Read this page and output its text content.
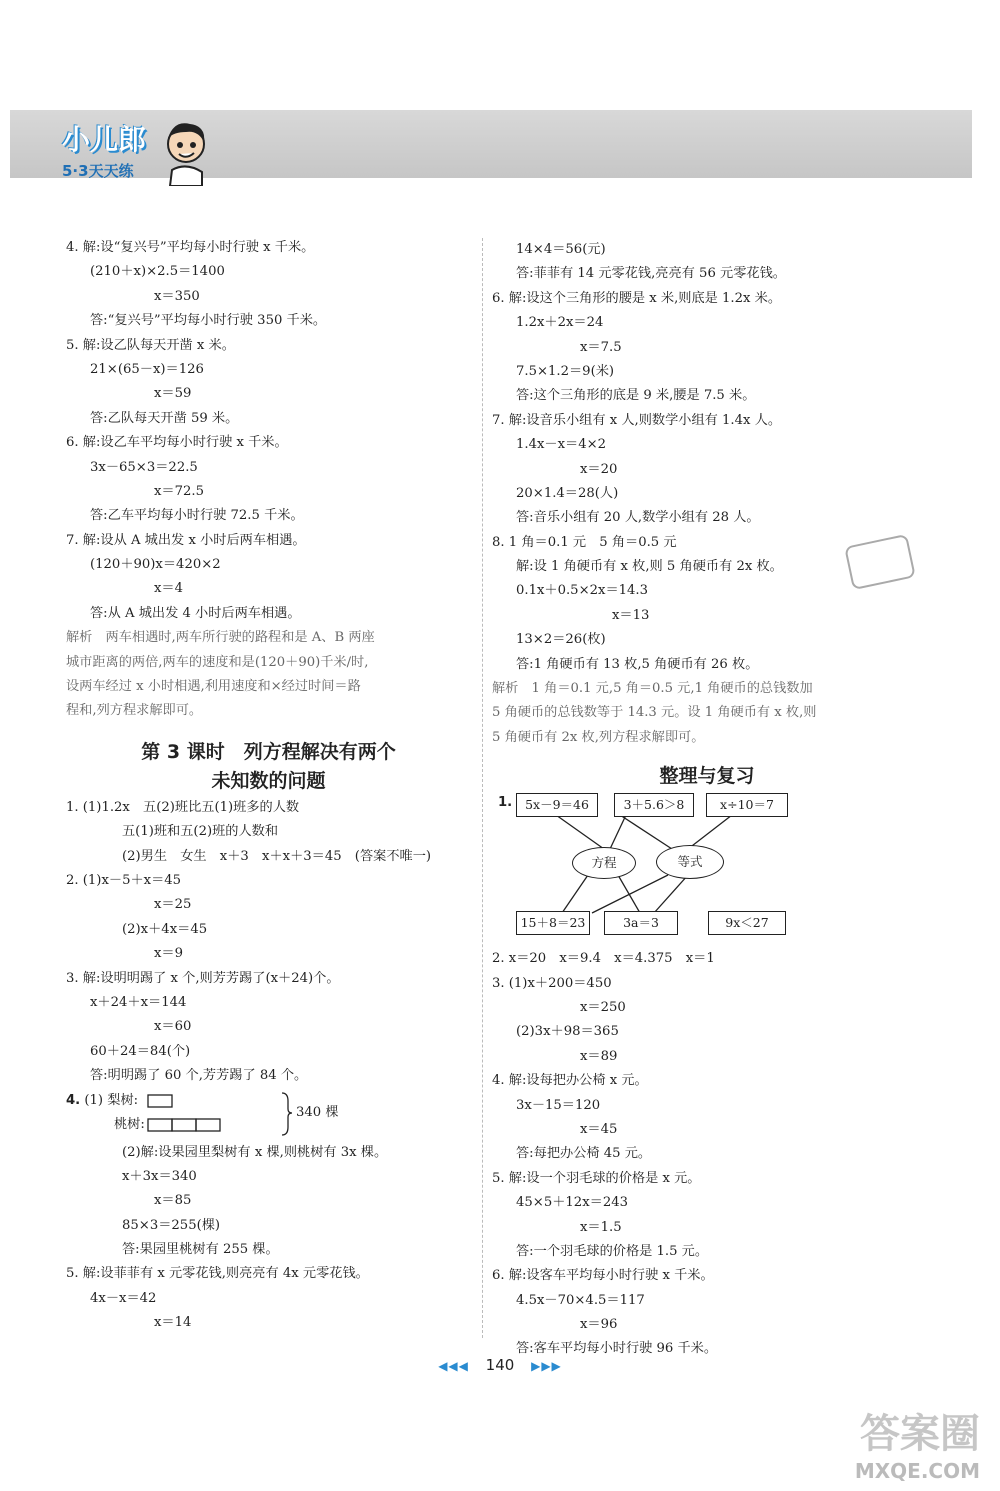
小儿郎
5·3天天练
4. 解:设“复兴号”平均每小时行驶 x 千米。
(210＋x)×2.5＝1400
x＝350
答:“复兴号”平均每小时行驶 350 千米。
5. 解:设乙队每天开凿 x 米。
21×(65－x)＝126
x＝59
答:乙队每天开凿 59 米。
6. 解:设乙车平均每小时行驶 x 千米。
3x－65×3＝22.5
x＝72.5
答:乙车平均每小时行驶 72.5 千米。
7. 解:设从 A 城出发 x 小时后两车相遇。
(120＋90)x＝420×2
x＝4
答:从 A 城出发 4 小时后两车相遇。
解析　两车相遇时,两车所行驶的路程和是 A、B 两座
城市距离的两倍,两车的速度和是(120＋90)千米/时,
设两车经过 x 小时相遇,利用速度和×经过时间＝路
程和,列方程求解即可。
第 3 课时　列方程解决有两个
未知数的问题
1. (1)1.2x　五(2)班比五(1)班多的人数
五(1)班和五(2)班的人数和
(2)男生　女生　x＋3　x＋x＋3＝45　(答案不唯一)
2. (1)x－5＋x＝45
x＝25
(2)x＋4x＝45
x＝9
3. 解:设明明踢了 x 个,则芳芳踢了(x＋24)个。
x＋24＋x＝144
x＝60
60＋24＝84(个)
答:明明踢了 60 个,芳芳踢了 84 个。
4. (1) 梨树:
桃树:
340 棵
(2)解:设果园里梨树有 x 棵,则桃树有 3x 棵。
x＋3x＝340
x＝85
85×3＝255(棵)
答:果园里桃树有 255 棵。
5. 解:设菲菲有 x 元零花钱,则亮亮有 4x 元零花钱。
4x－x＝42
x＝14
14×4＝56(元)
答:菲菲有 14 元零花钱,亮亮有 56 元零花钱。
6. 解:设这个三角形的腰是 x 米,则底是 1.2x 米。
1.2x＋2x＝24
x＝7.5
7.5×1.2＝9(米)
答:这个三角形的底是 9 米,腰是 7.5 米。
7. 解:设音乐小组有 x 人,则数学小组有 1.4x 人。
1.4x－x＝4×2
x＝20
20×1.4＝28(人)
答:音乐小组有 20 人,数学小组有 28 人。
8. 1 角＝0.1 元　5 角＝0.5 元
解:设 1 角硬币有 x 枚,则 5 角硬币有 2x 枚。
0.1x＋0.5×2x＝14.3
x＝13
13×2＝26(枚)
答:1 角硬币有 13 枚,5 角硬币有 26 枚。
解析　1 角＝0.1 元,5 角＝0.5 元,1 角硬币的总钱数加
5 角硬币的总钱数等于 14.3 元。设 1 角硬币有 x 枚,则
5 角硬币有 2x 枚,列方程求解即可。
整理与复习
1.	5x－9＝46	3＋5.6＞8	x÷10＝7
方程	等式
15＋8＝23	3a＝3	9x＜27
2. x＝20　x＝9.4　x＝4.375　x＝1
3. (1)x＋200＝450
x＝250
(2)3x＋98＝365
x＝89
4. 解:设每把办公椅 x 元。
3x－15＝120
x＝45
答:每把办公椅 45 元。
5. 解:设一个羽毛球的价格是 x 元。
45×5＋12x＝243
x＝1.5
答:一个羽毛球的价格是 1.5 元。
6. 解:设客车平均每小时行驶 x 千米。
4.5x－70×4.5＝117
x＝96
答:客车平均每小时行驶 96 千米。
◀◀◀ 140 ▶▶▶
答案圈
MXQE.COM
